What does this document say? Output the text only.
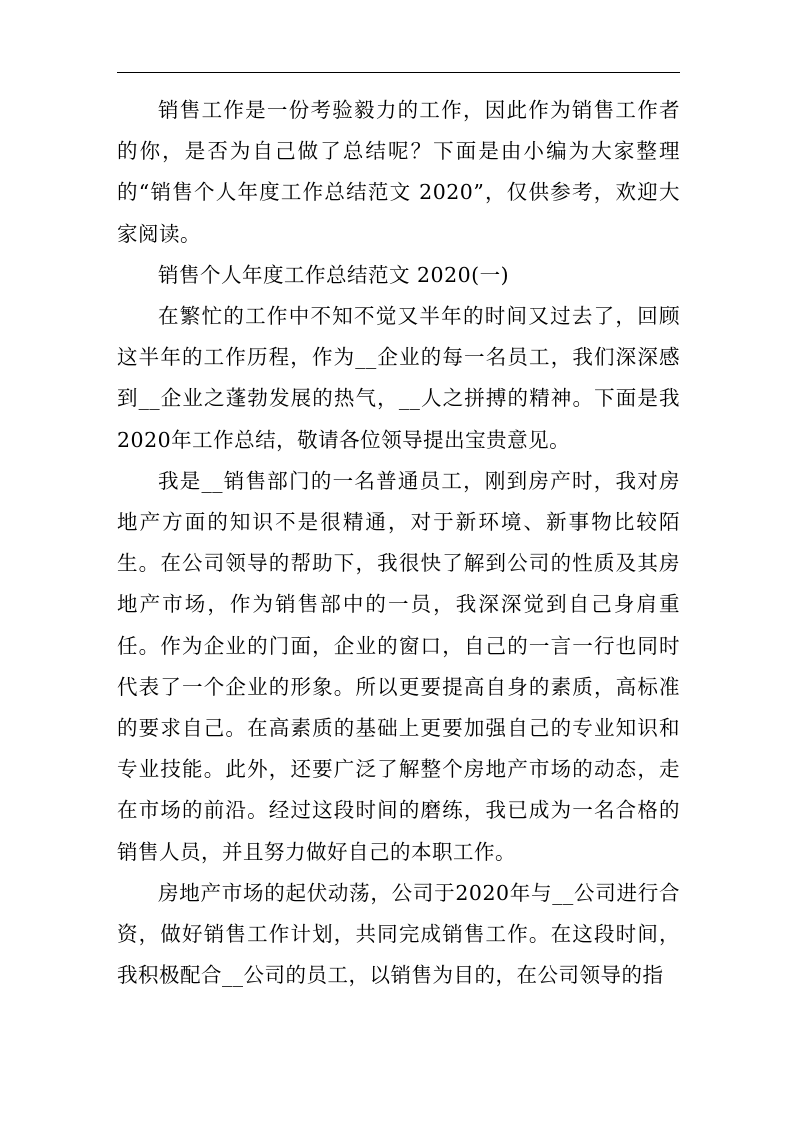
销售工作是一份考验毅力的工作，因此作为销售工作者的你，是否为自己做了总结呢？下面是由小编为大家整理的“销售个人年度工作总结范文 2020”，仅供参考，欢迎大家阅读。

销售个人年度工作总结范文 2020(一)

在繁忙的工作中不知不觉又半年的时间又过去了，回顾这半年的工作历程，作为__企业的每一名员工，我们深深感到__企业之蓬勃发展的热气，__人之拼搏的精神。下面是我2020年工作总结，敬请各位领导提出宝贵意见。

我是__销售部门的一名普通员工，刚到房产时，我对房地产方面的知识不是很精通，对于新环境、新事物比较陌生。在公司领导的帮助下，我很快了解到公司的性质及其房地产市场，作为销售部中的一员，我深深觉到自己身肩重任。作为企业的门面，企业的窗口，自己的一言一行也同时代表了一个企业的形象。所以更要提高自身的素质，高标准的要求自己。在高素质的基础上更要加强自己的专业知识和专业技能。此外，还要广泛了解整个房地产市场的动态，走在市场的前沿。经过这段时间的磨练，我已成为一名合格的销售人员，并且努力做好自己的本职工作。

房地产市场的起伏动荡，公司于2020年与__公司进行合资，做好销售工作计划，共同完成销售工作。在这段时间，我积极配合__公司的员工，以销售为目的，在公司领导的指
